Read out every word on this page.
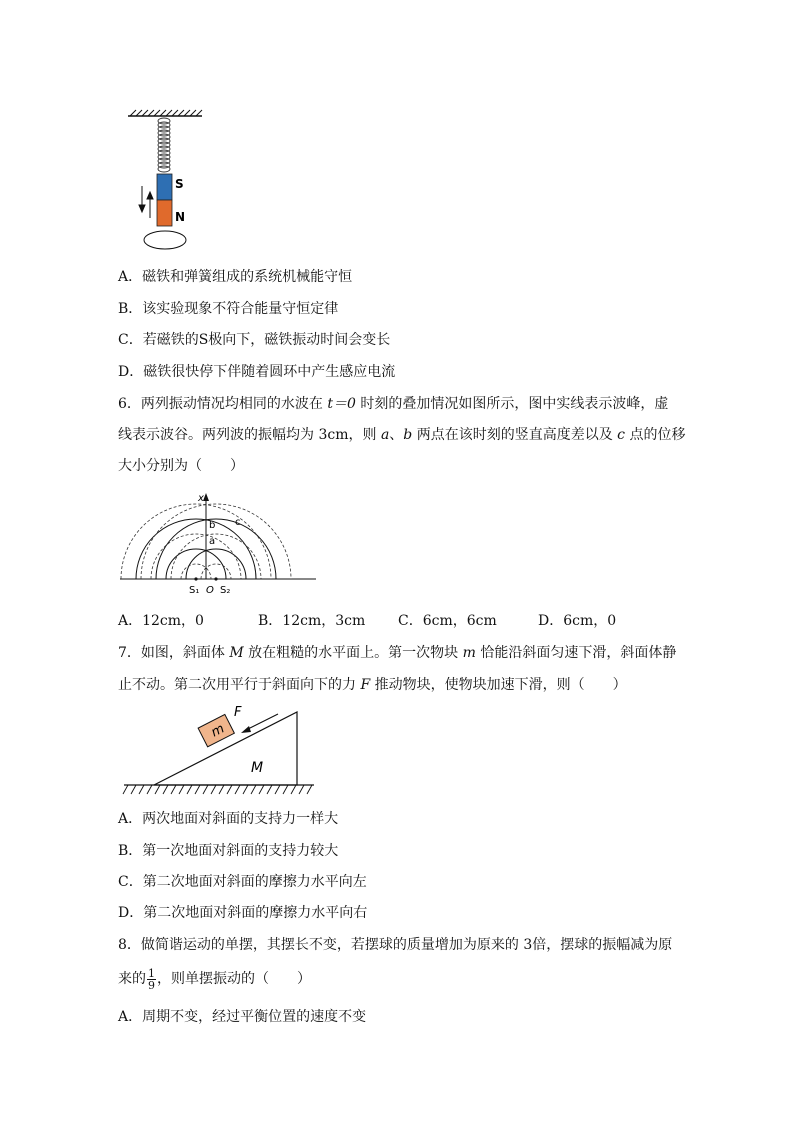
S
N
A．磁铁和弹簧组成的系统机械能守恒
B．该实验现象不符合能量守恒定律
C．若磁铁的S极向下，磁铁振动时间会变长
D．磁铁很快停下伴随着圆环中产生感应电流
6．两列振动情况均相同的水波在 t＝0 时刻的叠加情况如图所示，图中实线表示波峰，虚
线表示波谷。两列波的振幅均为 3cm，则 a、b 两点在该时刻的竖直高度差以及 c 点的位移
大小分别为（　　）
x
b c
a
S₁ O S₂
A．12cm，0	B．12cm，3cm C．6cm，6cm	D．6cm，0
7．如图，斜面体 M 放在粗糙的水平面上。第一次物块 m 恰能沿斜面匀速下滑，斜面体静
止不动。第二次用平行于斜面向下的力 F 推动物块，使物块加速下滑，则（　　）
m
F
M
A．两次地面对斜面的支持力一样大
B．第一次地面对斜面的支持力较大
C．第二次地面对斜面的摩擦力水平向左
D．第二次地面对斜面的摩擦力水平向右
8．做简谐运动的单摆，其摆长不变，若摆球的质量增加为原来的 3倍，摆球的振幅减为原
来的 $\frac{1}{9}$ ，则单摆振动的（　　）
A．周期不变，经过平衡位置的速度不变
